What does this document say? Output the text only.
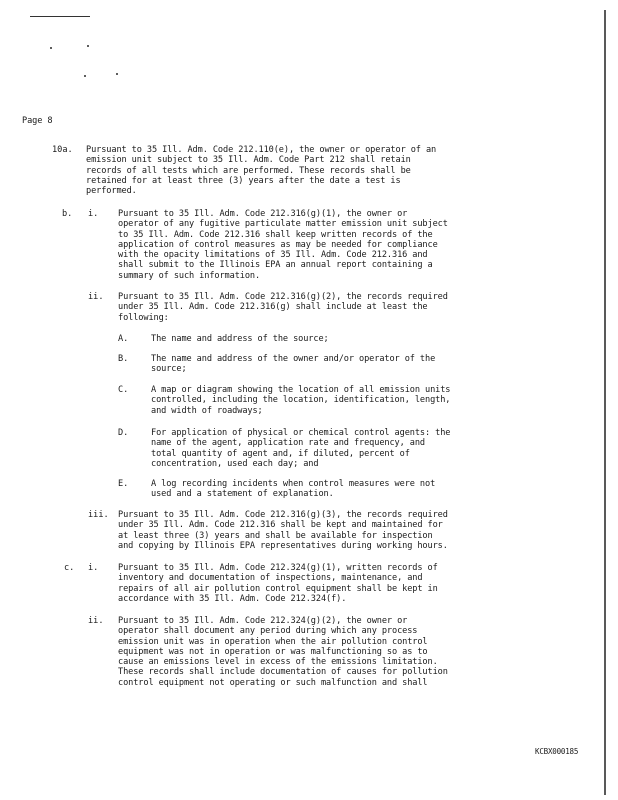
Page 8
10a. Pursuant to 35 Ill. Adm. Code 212.110(e), the owner or operator of an
emission unit subject to 35 Ill. Adm. Code Part 212 shall retain
records of all tests which are performed. These records shall be
retained for at least three (3) years after the date a test is
performed.
b. i. Pursuant to 35 Ill. Adm. Code 212.316(g)(1), the owner or
operator of any fugitive particulate matter emission unit subject
to 35 Ill. Adm. Code 212.316 shall keep written records of the
application of control measures as may be needed for compliance
with the opacity limitations of 35 Ill. Adm. Code 212.316 and
shall submit to the Illinois EPA an annual report containing a
summary of such information.
ii. Pursuant to 35 Ill. Adm. Code 212.316(g)(2), the records required
under 35 Ill. Adm. Code 212.316(g) shall include at least the
following:
A.	The name and address of the source;
B.	The name and address of the owner and/or operator of the
source;
C.	A map or diagram showing the location of all emission units
controlled, including the location, identification, length,
and width of roadways;
D.	For application of physical or chemical control agents: the
name of the agent, application rate and frequency, and
total quantity of agent and, if diluted, percent of
concentration, used each day; and
E.	A log recording incidents when control measures were not
used and a statement of explanation.
iii. Pursuant to 35 Ill. Adm. Code 212.316(g)(3), the records required
under 35 Ill. Adm. Code 212.316 shall be kept and maintained for
at least three (3) years and shall be available for inspection
and copying by Illinois EPA representatives during working hours.
c. i. Pursuant to 35 Ill. Adm. Code 212.324(g)(1), written records of
inventory and documentation of inspections, maintenance, and
repairs of all air pollution control equipment shall be kept in
accordance with 35 Ill. Adm. Code 212.324(f).
ii. Pursuant to 35 Ill. Adm. Code 212.324(g)(2), the owner or
operator shall document any period during which any process
emission unit was in operation when the air pollution control
equipment was not in operation or was malfunctioning so as to
cause an emissions level in excess of the emissions limitation.
These records shall include documentation of causes for pollution
control equipment not operating or such malfunction and shall
KCBX000185
